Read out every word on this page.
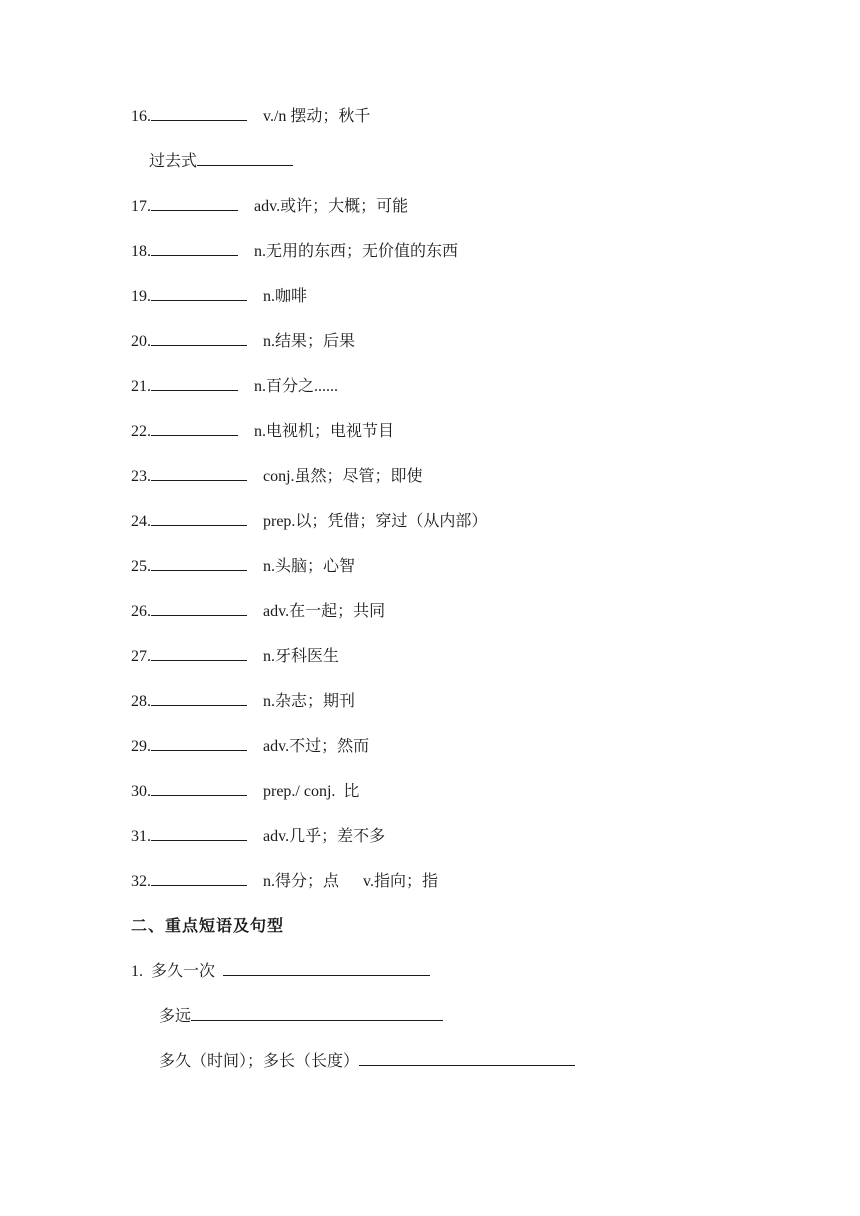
16.	v./n 摆动；秋千
过去式
17.	adv.或许；大概；可能
18.	n.无用的东西；无价值的东西
19.	n.咖啡
20.	n.结果；后果
21.	n.百分之......
22.	n.电视机；电视节目
23.	conj.虽然；尽管；即使
24.	prep.以；凭借；穿过（从内部）
25.	n.头脑；心智
26.	adv.在一起；共同
27.	n.牙科医生
28.	n.杂志；期刊
29.	adv.不过；然而
30.	prep./ conj.  比
31.	adv.几乎；差不多
32.	n.得分；点 v.指向；指
二、重点短语及句型
1. 多久一次
多远
多久（时间）；多长（长度）
